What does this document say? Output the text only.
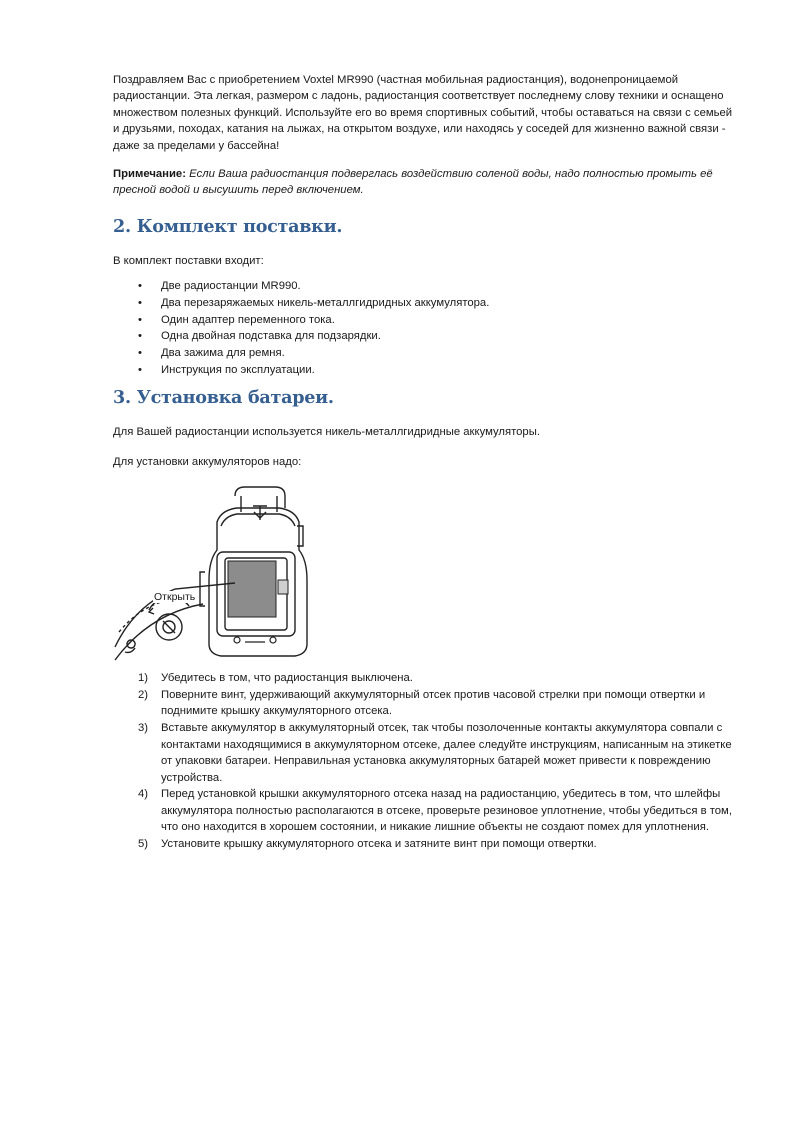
Поздравляем Вас с приобретением Voxtel MR990 (частная мобильная радиостанция), водонепроницаемой радиостанции. Эта легкая, размером с ладонь, радиостанция соответствует последнему слову техники и оснащено множеством полезных функций. Используйте его во время спортивных событий, чтобы оставаться на связи с семьей и друзьями, походах, катания на лыжах, на открытом воздухе, или находясь у соседей для жизненно важной связи - даже за пределами у бассейна!

Примечание: Если Ваша радиостанция подверглась воздействию соленой воды, надо полностью промыть её пресной водой и высушить перед включением.

2. Комплект поставки.

В комплект поставки входит:

• Две радиостанции MR990.
• Два перезаряжаемых никель-металлгидридных аккумулятора.
• Один адаптер переменного тока.
• Одна двойная подставка для подзарядки.
• Два зажима для ремня.
• Инструкция по эксплуатации.
3. Установка батареи.

Для Вашей радиостанции используется никель-металлгидридные аккумуляторы.

Для установки аккумуляторов надо:

Открыть
1) Убедитесь в том, что радиостанция выключена.
2) Поверните винт, удерживающий аккумуляторный отсек против часовой стрелки при помощи отвертки и поднимите крышку аккумуляторного отсека.
3) Вставьте аккумулятор в аккумуляторный отсек, так чтобы позолоченные контакты аккумулятора совпали с контактами находящимися в аккумуляторном отсеке, далее следуйте инструкциям, написанным на этикетке от упаковки батареи. Неправильная установка аккумуляторных батарей может привести к повреждению устройства.
4) Перед установкой крышки аккумуляторного отсека назад на радиостанцию, убедитесь в том, что шлейфы аккумулятора полностью располагаются в отсеке, проверьте резиновое уплотнение, чтобы убедиться в том, что оно находится в хорошем состоянии, и никакие лишние объекты не создают помех для уплотнения.
5) Установите крышку аккумуляторного отсека и затяните винт при помощи отвертки.
